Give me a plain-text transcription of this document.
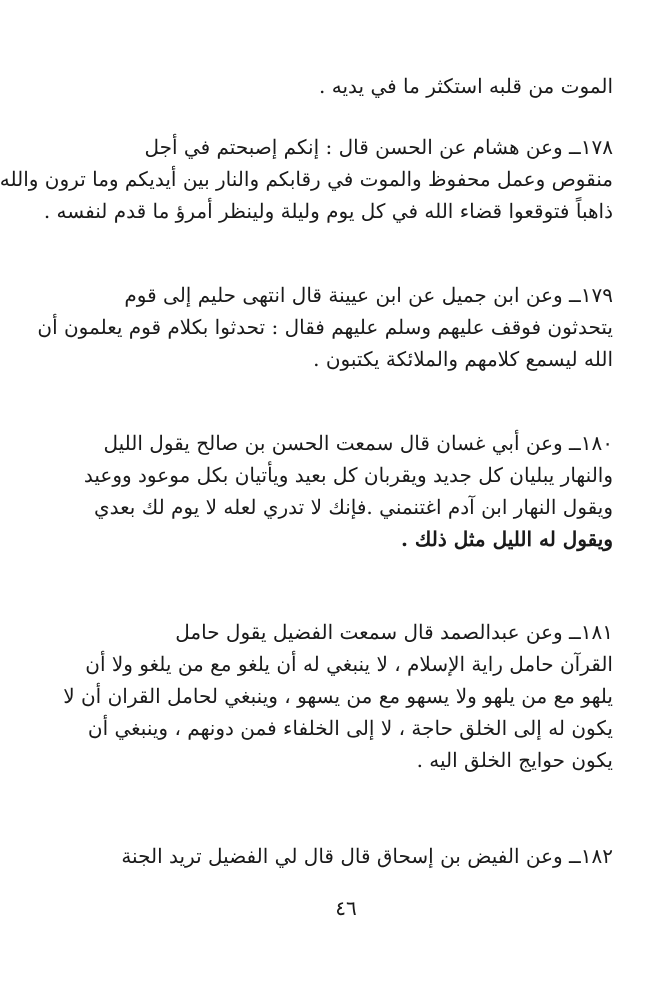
الموت من قلبه استكثر ما في يديه .
١٧٨ــ وعن هشام عن الحسن قال : إنكم إصبحتم في أجل
منقوص وعمل محفوظ والموت في رقابكم والنار بين أيديكم وما ترون والله
ذاهباً فتوقعوا قضاء الله في كل يوم وليلة ولينظر أمرؤ ما قدم لنفسه .
١٧٩ــ وعن ابن جميل عن ابن عيينة قال انتهى حليم إلى قوم
يتحدثون فوقف عليهم وسلم عليهم فقال : تحدثوا بكلام قوم يعلمون أن
الله ليسمع كلامهم والملائكة يكتبون .
١٨٠ــ وعن أبي غسان قال سمعت الحسن بن صالح يقول الليل
والنهار يبليان كل جديد ويقربان كل بعيد ويأتيان بكل موعود ووعيد
ويقول النهار ابن آدم اغتنمني .فإنك لا تدري لعله لا يوم لك بعدي
ويقول له الليل مثل ذلك .
١٨١ــ وعن عبدالصمد قال سمعت الفضيل يقول حامل
القرآن حامل راية الإسلام ، لا ينبغي له أن يلغو مع من يلغو ولا أن
يلهو مع من يلهو ولا يسهو مع من يسهو ، وينبغي لحامل القران أن لا
يكون له إلى الخلق حاجة ، لا إلى الخلفاء فمن دونهم ، وينبغي أن
يكون حوايج الخلق اليه .
١٨٢ــ وعن الفيض بن إسحاق قال قال لي الفضيل تريد الجنة
٤٦
